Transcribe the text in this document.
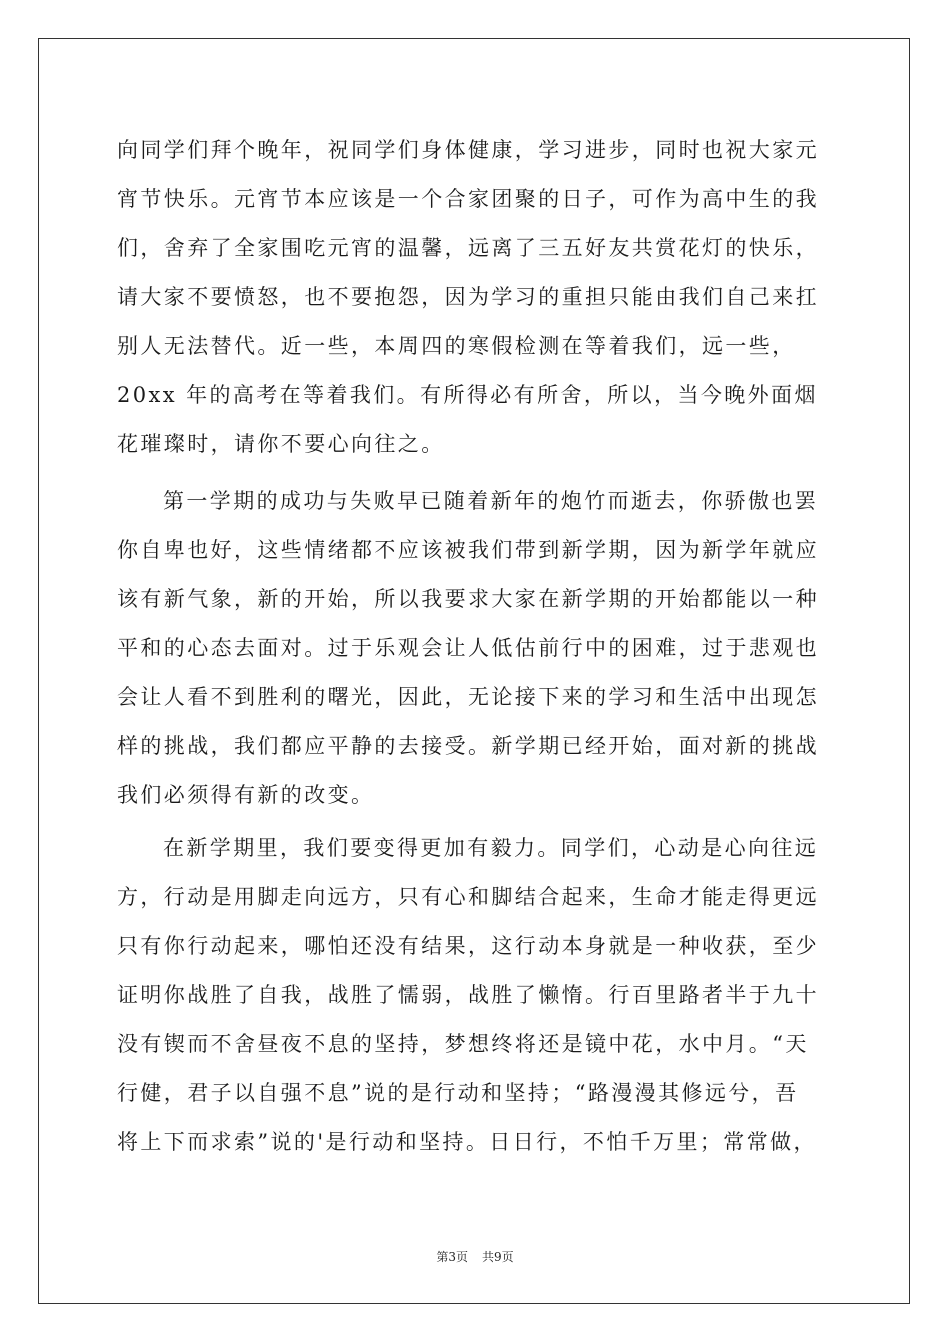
向同学们拜个晚年，祝同学们身体健康，学习进步，同时也祝大家元
宵节快乐。元宵节本应该是一个合家团聚的日子，可作为高中生的我
们，舍弃了全家围吃元宵的温馨，远离了三五好友共赏花灯的快乐，
请大家不要愤怒，也不要抱怨，因为学习的重担只能由我们自己来扛
别人无法替代。近一些，本周四的寒假检测在等着我们，远一些，
20xx 年的高考在等着我们。有所得必有所舍，所以，当今晚外面烟
花璀璨时，请你不要心向往之。
第一学期的成功与失败早已随着新年的炮竹而逝去，你骄傲也罢
你自卑也好，这些情绪都不应该被我们带到新学期，因为新学年就应
该有新气象，新的开始，所以我要求大家在新学期的开始都能以一种
平和的心态去面对。过于乐观会让人低估前行中的困难，过于悲观也
会让人看不到胜利的曙光，因此，无论接下来的学习和生活中出现怎
样的挑战，我们都应平静的去接受。新学期已经开始，面对新的挑战
我们必须得有新的改变。
在新学期里，我们要变得更加有毅力。同学们，心动是心向往远
方，行动是用脚走向远方，只有心和脚结合起来，生命才能走得更远
只有你行动起来，哪怕还没有结果，这行动本身就是一种收获，至少
证明你战胜了自我，战胜了懦弱，战胜了懒惰。行百里路者半于九十
没有锲而不舍昼夜不息的坚持，梦想终将还是镜中花，水中月。“天
行健，君子以自强不息”说的是行动和坚持；“路漫漫其修远兮，吾
将上下而求索”说的'是行动和坚持。日日行，不怕千万里；常常做，
第3页 共9页
